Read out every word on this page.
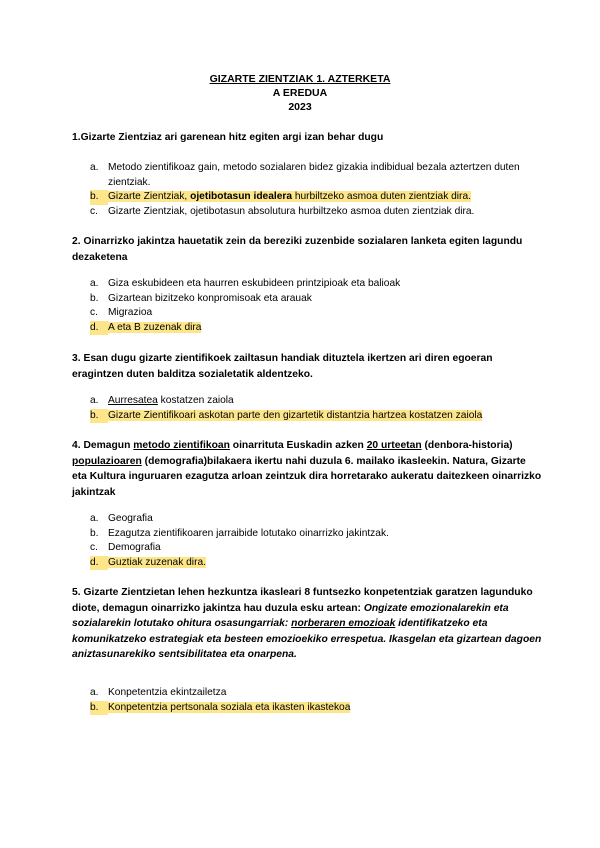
GIZARTE ZIENTZIAK 1. AZTERKETA
A EREDUA
2023
1.Gizarte Zientziaz ari garenean hitz egiten argi izan behar dugu
a. Metodo zientifikoaz gain, metodo sozialaren bidez gizakia indibidual bezala aztertzen duten zientziak.
b. Gizarte Zientziak, ojetibotasun idealera hurbiltzeko asmoa duten zientziak dira.
c. Gizarte Zientziak, ojetibotasun absolutura hurbiltzeko asmoa duten zientziak dira.
2. Oinarrizko jakintza hauetatik zein da bereziki zuzenbide sozialaren lanketa egiten lagundu dezaketena
a. Giza eskubideen eta haurren eskubideen printzipioak eta balioak
b. Gizartean bizitzeko konpromisoak eta arauak
c. Migrazioa
d. A eta B zuzenak dira
3. Esan dugu gizarte zientifikoek zailtasun handiak dituztela ikertzen ari diren egoeran eragintzen duten balditza sozialetatik aldentzeko.
a. Aurresatea kostatzen zaiola
b. Gizarte Zientifikoari askotan parte den gizartetik distantzia hartzea kostatzen zaiola
4. Demagun metodo zientifikoan oinarrituta Euskadin azken 20 urteetan (denbora-historia) populazioaren (demografia)bilakaera ikertu nahi duzula 6. mailako ikasleekin. Natura, Gizarte eta Kultura inguruaren ezagutza arloan zeintzuk dira horretarako aukeratu daitezkeen oinarrizko jakintzak
a. Geografia
b. Ezagutza zientifikoaren jarraibide lotutako oinarrizko jakintzak.
c. Demografia
d. Guztiak zuzenak dira.
5. Gizarte Zientzietan lehen hezkuntza ikasleari 8 funtsezko konpetentziak garatzen lagunduko diote, demagun oinarrizko jakintza hau duzula esku artean: Ongizate emozionalarekin eta sozialarekin lotutako ohitura osasungarriak: norberaren emozioak identifikatzeko eta komunikatzeko estrategiak eta besteen emozioekiko errespetua. Ikasgelan eta gizartean dagoen aniztasunarekiko sentsibilitatea eta onarpena.
a. Konpetentzia ekintzailetza
b. Konpetentzia pertsonala soziala eta ikasten ikastekoa
